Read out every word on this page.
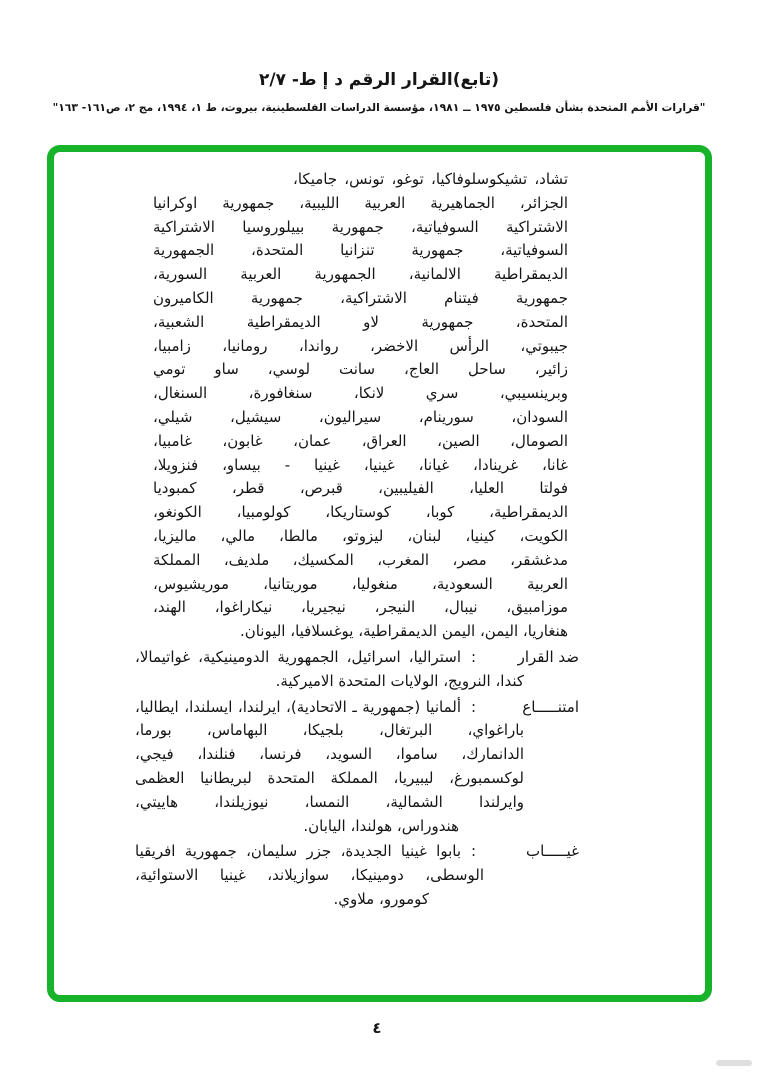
(تابع)القرار الرقم د إ ط- ٢/٧
"قرارات الأمم المتحدة بشأن فلسطين ١٩٧٥ ــ ١٩٨١، مؤسسة الدراسات الفلسطينية، بيروت، ط ١، ١٩٩٤، مج ٢، ص١٦١- ١٦٣"
تشاد، تشيكوسلوفاكيا، توغو، تونس، جاميكا،
الجزائر، الجماهيرية العربية الليبية، جمهورية اوكرانيا
الاشتراكية السوفياتية، جمهورية بييلوروسيا الاشتراكية
السوفياتية، جمهورية تنزانيا المتحدة، الجمهورية
الديمقراطية الالمانية، الجمهورية العربية السورية،
جمهورية فيتنام الاشتراكية، جمهورية الكاميرون
المتحدة، جمهورية لاو الديمقراطية الشعبية،
جيبوتي، الرأس الاخضر، رواندا، رومانيا، زامبيا،
زائير، ساحل العاج، سانت لوسي، ساو تومي
وبرينسيبي، سري لانكا، سنغافورة، السنغال،
السودان، سورينام، سيراليون، سيشيل، شيلي،
الصومال، الصين، العراق، عمان، غابون، غامبيا،
غانا، غرينادا، غيانا، غينيا، غينيا - بيساو، فنزويلا،
فولتا العليا، الفيليبين، قبرص، قطر، كمبوديا
الديمقراطية، كوبا، كوستاريكا، كولومبيا، الكونغو،
الكويت، كينيا، لبنان، ليزوتو، مالطا، مالي، ماليزيا،
مدغشقر، مصر، المغرب، المكسيك، ملديف، المملكة
العربية السعودية، منغوليا، موريتانيا، موريشيوس،
موزامبيق، نيبال، النيجر، نيجيريا، نيكاراغوا، الهند،
هنغاريا، اليمن، اليمن الديمقراطية، يوغسلافيا، اليونان.
ضد القرار
:
استراليا، اسرائيل، الجمهورية الدومينيكية، غواتيمالا،
كندا، النرويج، الولايات المتحدة الاميركية.
امتنـــــاع
:
ألمانيا (جمهورية ـ الاتحادية)، ايرلندا، ايسلندا، ايطاليا،
باراغواي، البرتغال، بلجيكا، البهاماس، بورما،
الدانمارك، ساموا، السويد، فرنسا، فنلندا، فيجي،
لوكسمبورغ، ليبيريا، المملكة المتحدة لبريطانيا العظمى
وايرلندا الشمالية، النمسا، نيوزيلندا، هاييتي،
هندوراس، هولندا، اليابان.
غيـــــاب
:
بابوا غينيا الجديدة، جزر سليمان، جمهورية افريقيا
الوسطى، دومينيكا، سوازيلاند، غينيا الاستوائية،
كومورو، ملاوي.
٤
